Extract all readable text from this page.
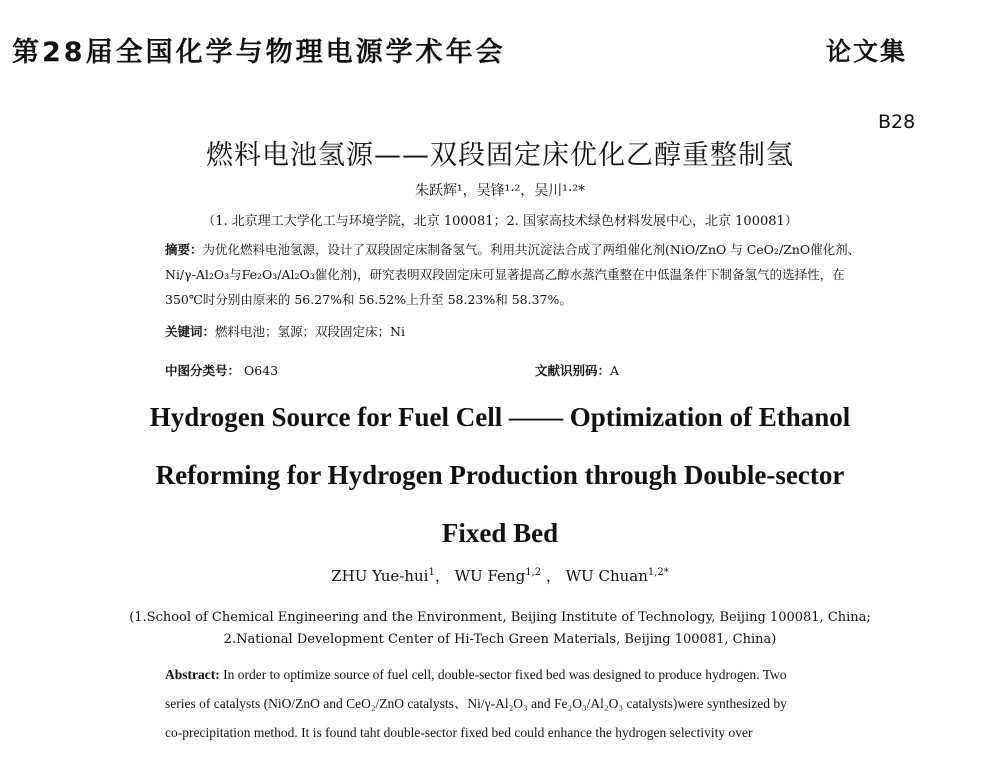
第28届全国化学与物理电源学术年会	论文集
B28
燃料电池氢源——双段固定床优化乙醇重整制氢
朱跃辉¹，吴锋¹·²，吴川¹·²*
（1. 北京理工大学化工与环境学院，北京 100081；2. 国家高技术绿色材料发展中心，北京 100081）
摘要：为优化燃料电池氢源，设计了双段固定床制备氢气。利用共沉淀法合成了两组催化剂(NiO/ZnO 与 CeO₂/ZnO催化剂、Ni/γ-Al₂O₃与Fe₂O₃/Al₂O₃催化剂)，研究表明双段固定床可显著提高乙醇水蒸汽重整在中低温条件下制备氢气的选择性，在 350℃时分别由原来的 56.27%和 56.52%上升至 58.23%和 58.37%。
关键词：燃料电池；氢源；双段固定床；Ni
中图分类号： O643	文献识别码：A
Hydrogen Source for Fuel Cell —— Optimization of Ethanol Reforming for Hydrogen Production through Double-sector Fixed Bed
ZHU Yue-hui$^1$， WU Feng$^{1,2}$ ， WU Chuan$^{1,2*}$
(1.School of Chemical Engineering and the Environment, Beijing Institute of Technology, Beijing 100081, China;
2.National Development Center of Hi-Tech Green Materials, Beijing 100081, China)
Abstract: In order to optimize source of fuel cell, double-sector fixed bed was designed to produce hydrogen. Two
series of catalysts (NiO/ZnO and CeO₂/ZnO catalysts、Ni/γ-Al₂O₃ and Fe₂O₃/Al₂O₃ catalysts)were synthesized by
co-precipitation method. It is found taht double-sector fixed bed could enhance the hydrogen selectivity over
